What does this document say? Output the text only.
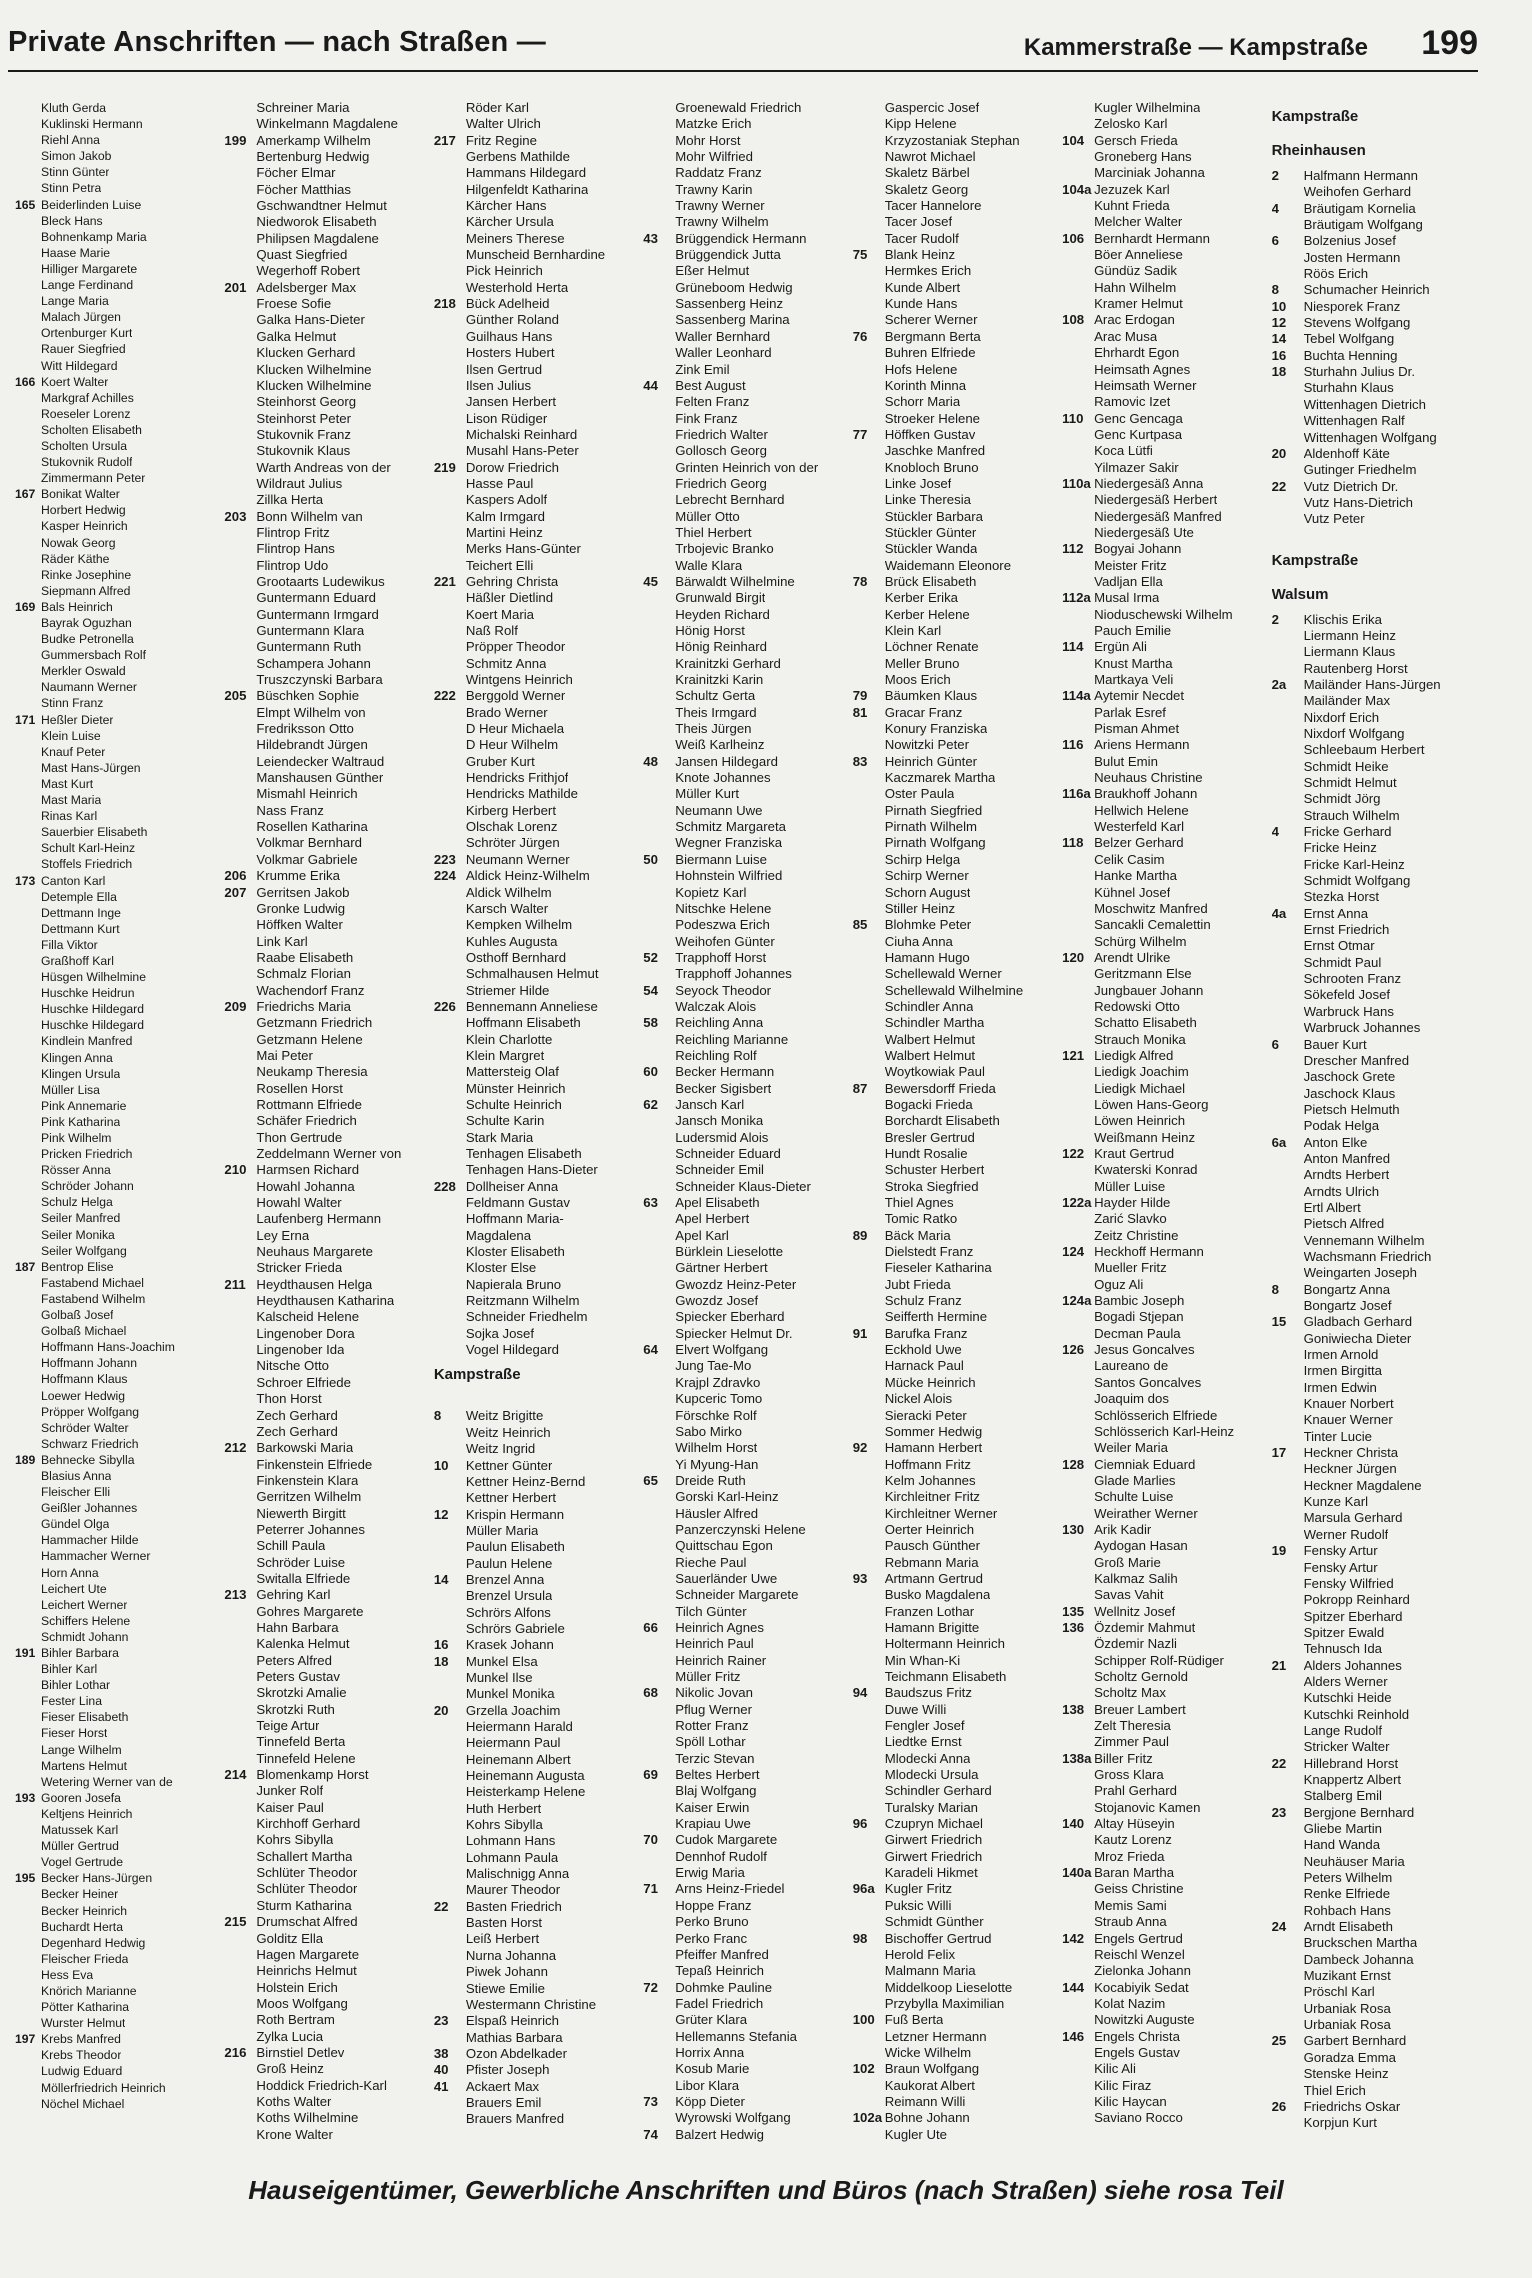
Private Anschriften — nach Straßen —	Kammerstraße — Kampstraße 199
Kluth Gerda
Kuklinski Hermann
Riehl Anna
Simon Jakob
Stinn Günter
Stinn Petra
165 Beiderlinden Luise
Bleck Hans
Bohnenkamp Maria
Haase Marie
Hilliger Margarete
Lange Ferdinand
Lange Maria
Malach Jürgen
Ortenburger Kurt
Rauer Siegfried
Witt Hildegard
166 Koert Walter
Markgraf Achilles
Roeseler Lorenz
Scholten Elisabeth
Scholten Ursula
Stukovnik Rudolf
Zimmermann Peter
167 Bonikat Walter
Horbert Hedwig
Kasper Heinrich
Nowak Georg
Räder Käthe
Rinke Josephine
Siepmann Alfred
169 Bals Heinrich
Bayrak Oguzhan
Budke Petronella
Gummersbach Rolf
Merkler Oswald
Naumann Werner
Stinn Franz
171 Heßler Dieter
Klein Luise
Knauf Peter
Mast Hans-Jürgen
Mast Kurt
Mast Maria
Rinas Karl
Sauerbier Elisabeth
Schult Karl-Heinz
Stoffels Friedrich
173 Canton Karl
Detemple Ella
Dettmann Inge
Dettmann Kurt
Filla Viktor
Graßhoff Karl
Hüsgen Wilhelmine
Huschke Heidrun
Huschke Hildegard
Huschke Hildegard
Kindlein Manfred
Klingen Anna
Klingen Ursula
Müller Lisa
Pink Annemarie
Pink Katharina
Pink Wilhelm
Pricken Friedrich
Rösser Anna
Schröder Johann
Schulz Helga
Seiler Manfred
Seiler Monika
Seiler Wolfgang
187 Bentrop Elise
Fastabend Michael
Fastabend Wilhelm
Golbaß Josef
Golbaß Michael
Hoffmann Hans-Joachim
Hoffmann Johann
Hoffmann Klaus
Loewer Hedwig
Pröpper Wolfgang
Schröder Walter
Schwarz Friedrich
189 Behnecke Sibylla
Blasius Anna
Fleischer Elli
Geißler Johannes
Gündel Olga
Hammacher Hilde
Hammacher Werner
Horn Anna
Leichert Ute
Leichert Werner
Schiffers Helene
Schmidt Johann
191 Bihler Barbara
Bihler Karl
Bihler Lothar
Fester Lina
Fieser Elisabeth
Fieser Horst
Lange Wilhelm
Martens Helmut
Wetering Werner van de
193 Gooren Josefa
Keltjens Heinrich
Matussek Karl
Müller Gertrud
Vogel Gertrude
195 Becker Hans-Jürgen
Becker Heiner
Becker Heinrich
Buchardt Herta
Degenhard Hedwig
Fleischer Frieda
Hess Eva
Knörich Marianne
Pötter Katharina
Wurster Helmut
197 Krebs Manfred
Krebs Theodor
Ludwig Eduard
Möllerfriedrich Heinrich
Nöchel Michael
Schreiner Maria
Winkelmann Magdalene
199 Amerkamp Wilhelm
Bertenburg Hedwig
Föcher Elmar
Föcher Matthias
Gschwandtner Helmut
Niedworok Elisabeth
Philipsen Magdalene
Quast Siegfried
Wegerhoff Robert
201 Adelsberger Max
Froese Sofie
Galka Hans-Dieter
Galka Helmut
Klucken Gerhard
Klucken Wilhelmine
Klucken Wilhelmine
Steinhorst Georg
Steinhorst Peter
Stukovnik Franz
Stukovnik Klaus
Warth Andreas von der
Wildraut Julius
Zillka Herta
203 Bonn Wilhelm van
Flintrop Fritz
Flintrop Hans
Flintrop Udo
Grootaarts Ludewikus
Guntermann Eduard
Guntermann Irmgard
Guntermann Klara
Guntermann Ruth
Schampera Johann
Truszczynski Barbara
205 Büschken Sophie
Elmpt Wilhelm von
Fredriksson Otto
Hildebrandt Jürgen
Leiendecker Waltraud
Manshausen Günther
Mismahl Heinrich
Nass Franz
Rosellen Katharina
Volkmar Bernhard
Volkmar Gabriele
206 Krumme Erika
207 Gerritsen Jakob
Gronke Ludwig
Höffken Walter
Link Karl
Raabe Elisabeth
Schmalz Florian
Wachendorf Franz
209 Friedrichs Maria
Getzmann Friedrich
Getzmann Helene
Mai Peter
Neukamp Theresia
Rosellen Horst
Rottmann Elfriede
Schäfer Friedrich
Thon Gertrude
Zeddelmann Werner von
210 Harmsen Richard
Howahl Johanna
Howahl Walter
Laufenberg Hermann
Ley Erna
Neuhaus Margarete
Stricker Frieda
211 Heydthausen Helga
Heydthausen Katharina
Kalscheid Helene
Lingenober Dora
Lingenober Ida
Nitsche Otto
Schroer Elfriede
Thon Horst
Zech Gerhard
Zech Gerhard
212 Barkowski Maria
Finkenstein Elfriede
Finkenstein Klara
Gerritzen Wilhelm
Niewerth Birgitt
Peterrer Johannes
Schill Paula
Schröder Luise
Switalla Elfriede
213 Gehring Karl
Gohres Margarete
Hahn Barbara
Kalenka Helmut
Peters Alfred
Peters Gustav
Skrotzki Amalie
Skrotzki Ruth
Teige Artur
Tinnefeld Berta
Tinnefeld Helene
214 Blomenkamp Horst
Junker Rolf
Kaiser Paul
Kirchhoff Gerhard
Kohrs Sibylla
Schallert Martha
Schlüter Theodor
Schlüter Theodor
Sturm Katharina
215 Drumschat Alfred
Golditz Ella
Hagen Margarete
Heinrichs Helmut
Holstein Erich
Moos Wolfgang
Roth Bertram
Zylka Lucia
216 Birnstiel Detlev
Groß Heinz
Hoddick Friedrich-Karl
Koths Walter
Koths Wilhelmine
Krone Walter
Röder Karl
Walter Ulrich
217 Fritz Regine
Gerbens Mathilde
Hammans Hildegard
Hilgenfeldt Katharina
Kärcher Hans
Kärcher Ursula
Meiners Therese
Munscheid Bernhardine
Pick Heinrich
Westerhold Herta
218 Bück Adelheid
Günther Roland
Guilhaus Hans
Hosters Hubert
Ilsen Gertrud
Ilsen Julius
Jansen Herbert
Lison Rüdiger
Michalski Reinhard
Musahl Hans-Peter
219 Dorow Friedrich
Hasse Paul
Kaspers Adolf
Kalm Irmgard
Martini Heinz
Merks Hans-Günter
Teichert Elli
221 Gehring Christa
Häßler Dietlind
Koert Maria
Naß Rolf
Pröpper Theodor
Schmitz Anna
Wintgens Heinrich
222 Berggold Werner
Brado Werner
D Heur Michaela
D Heur Wilhelm
Gruber Kurt
Hendricks Frithjof
Hendricks Mathilde
Kirberg Herbert
Olschak Lorenz
Schröter Jürgen
223 Neumann Werner
224 Aldick Heinz-Wilhelm
Aldick Wilhelm
Karsch Walter
Kempken Wilhelm
Kuhles Augusta
Osthoff Bernhard
Schmalhausen Helmut
Striemer Hilde
226 Bennemann Anneliese
Hoffmann Elisabeth
Klein Charlotte
Klein Margret
Mattersteig Olaf
Münster Heinrich
Schulte Heinrich
Schulte Karin
Stark Maria
Tenhagen Elisabeth
Tenhagen Hans-Dieter
228 Dollheiser Anna
Feldmann Gustav
Hoffmann Maria-
Magdalena
Kloster Elisabeth
Kloster Else
Napierala Bruno
Reitzmann Wilhelm
Schneider Friedhelm
Sojka Josef
Vogel Hildegard
Kampstraße
8	Weitz Brigitte
Weitz Heinrich
Weitz Ingrid
10	Kettner Günter
Kettner Heinz-Bernd
Kettner Herbert
12	Krispin Hermann
Müller Maria
Paulun Elisabeth
Paulun Helene
14	Brenzel Anna
Brenzel Ursula
Schrörs Alfons
Schrörs Gabriele
16	Krasek Johann
18	Munkel Elsa
Munkel Ilse
Munkel Monika
20	Grzella Joachim
Heiermann Harald
Heiermann Paul
Heinemann Albert
Heinemann Augusta
Heisterkamp Helene
Huth Herbert
Kohrs Sibylla
Lohmann Hans
Lohmann Paula
Malischnigg Anna
Maurer Theodor
22	Basten Friedrich
Basten Horst
Leiß Herbert
Nurna Johanna
Piwek Johann
Stiewe Emilie
Westermann Christine
23	Elspaß Heinrich
Mathias Barbara
38	Ozon Abdelkader
40	Pfister Joseph
41	Ackaert Max
Brauers Emil
Brauers Manfred
Groenewald Friedrich
Matzke Erich
Mohr Horst
Mohr Wilfried
Raddatz Franz
Trawny Karin
Trawny Werner
Trawny Wilhelm
43	Brüggendick Hermann
Brüggendick Jutta
Eßer Helmut
Grüneboom Hedwig
Sassenberg Heinz
Sassenberg Marina
Waller Bernhard
Waller Leonhard
Zink Emil
44	Best August
Felten Franz
Fink Franz
Friedrich Walter
Gollosch Georg
Grinten Heinrich von der
Friedrich Georg
Lebrecht Bernhard
Müller Otto
Thiel Herbert
Trbojevic Branko
Walle Klara
45	Bärwaldt Wilhelmine
Grunwald Birgit
Heyden Richard
Hönig Horst
Hönig Reinhard
Krainitzki Gerhard
Krainitzki Karin
Schultz Gerta
Theis Irmgard
Theis Jürgen
Weiß Karlheinz
48	Jansen Hildegard
Knote Johannes
Müller Kurt
Neumann Uwe
Schmitz Margareta
Wegner Franziska
50	Biermann Luise
Hohnstein Wilfried
Kopietz Karl
Nitschke Helene
Podeszwa Erich
Weihofen Günter
52	Trapphoff Horst
Trapphoff Johannes
54	Seyock Theodor
Walczak Alois
58	Reichling Anna
Reichling Marianne
Reichling Rolf
60	Becker Hermann
Becker Sigisbert
62	Jansch Karl
Jansch Monika
Ludersmid Alois
Schneider Eduard
Schneider Emil
Schneider Klaus-Dieter
63	Apel Elisabeth
Apel Herbert
Apel Karl
Bürklein Lieselotte
Gärtner Herbert
Gwozdz Heinz-Peter
Gwozdz Josef
Spiecker Eberhard
Spiecker Helmut Dr.
64	Elvert Wolfgang
Jung Tae-Mo
Krajpl Zdravko
Kupceric Tomo
Förschke Rolf
Sabo Mirko
Wilhelm Horst
Yi Myung-Han
65	Dreide Ruth
Gorski Karl-Heinz
Häusler Alfred
Panzerczynski Helene
Quittschau Egon
Rieche Paul
Sauerländer Uwe
Schneider Margarete
Tilch Günter
66	Heinrich Agnes
Heinrich Paul
Heinrich Rainer
Müller Fritz
68	Nikolic Jovan
Pflug Werner
Rotter Franz
Spöll Lothar
Terzic Stevan
69	Beltes Herbert
Blaj Wolfgang
Kaiser Erwin
Krapiau Uwe
70	Cudok Margarete
Dennhof Rudolf
Erwig Maria
71	Arns Heinz-Friedel
Hoppe Franz
Perko Bruno
Perko Franc
Pfeiffer Manfred
Tepaß Heinrich
72	Dohmke Pauline
Fadel Friedrich
Grüter Klara
Hellemanns Stefania
Horrix Anna
Kosub Marie
Libor Klara
73	Köpp Dieter
Wyrowski Wolfgang
74	Balzert Hedwig
Gaspercic Josef
Kipp Helene
Krzyzostaniak Stephan
Nawrot Michael
Skaletz Bärbel
Skaletz Georg
Tacer Hannelore
Tacer Josef
Tacer Rudolf
75	Blank Heinz
Hermkes Erich
Kunde Albert
Kunde Hans
Scherer Werner
76	Bergmann Berta
Buhren Elfriede
Hofs Helene
Korinth Minna
Schorr Maria
Stroeker Helene
77	Höffken Gustav
Jaschke Manfred
Knobloch Bruno
Linke Josef
Linke Theresia
Stückler Barbara
Stückler Günter
Stückler Wanda
Waidemann Eleonore
78	Brück Elisabeth
Kerber Erika
Kerber Helene
Klein Karl
Löchner Renate
Meller Bruno
Moos Erich
79	Bäumken Klaus
81	Gracar Franz
Konury Franziska
Nowitzki Peter
83	Heinrich Günter
Kaczmarek Martha
Oster Paula
Pirnath Siegfried
Pirnath Wilhelm
Pirnath Wolfgang
Schirp Helga
Schirp Werner
Schorn August
Stiller Heinz
85	Blohmke Peter
Ciuha Anna
Hamann Hugo
Schellewald Werner
Schellewald Wilhelmine
Schindler Anna
Schindler Martha
Walbert Helmut
Walbert Helmut
Woytkowiak Paul
87	Bewersdorff Frieda
Bogacki Frieda
Borchardt Elisabeth
Bresler Gertrud
Hundt Rosalie
Schuster Herbert
Stroka Siegfried
Thiel Agnes
Tomic Ratko
89	Bäck Maria
Dielstedt Franz
Fieseler Katharina
Jubt Frieda
Schulz Franz
Seifferth Hermine
91	Barufka Franz
Eckhold Uwe
Harnack Paul
Mücke Heinrich
Nickel Alois
Sieracki Peter
Sommer Hedwig
92	Hamann Herbert
Hoffmann Fritz
Kelm Johannes
Kirchleitner Fritz
Kirchleitner Werner
Oerter Heinrich
Pausch Günther
Rebmann Maria
93	Artmann Gertrud
Busko Magdalena
Franzen Lothar
Hamann Brigitte
Holtermann Heinrich
Min Whan-Ki
Teichmann Elisabeth
94	Baudszus Fritz
Duwe Willi
Fengler Josef
Liedtke Ernst
Mlodecki Anna
Mlodecki Ursula
Schindler Gerhard
Turalsky Marian
96	Czupryn Michael
Girwert Friedrich
Girwert Friedrich
Karadeli Hikmet
96a Kugler Fritz
Puksic Willi
Schmidt Günther
98	Bischoffer Gertrud
Herold Felix
Malmann Maria
Middelkoop Lieselotte
Przybylla Maximilian
100 Fuß Berta
Letzner Hermann
Wicke Wilhelm
102 Braun Wolfgang
Kaukorat Albert
Reimann Willi
102a Bohne Johann
Kugler Ute
Kugler Wilhelmina
Zelosko Karl
104 Gersch Frieda
Groneberg Hans
Marciniak Johanna
104a Jezuzek Karl
Kuhnt Frieda
Melcher Walter
106 Bernhardt Hermann
Böer Anneliese
Gündüz Sadik
Hahn Wilhelm
Kramer Helmut
108 Arac Erdogan
Arac Musa
Ehrhardt Egon
Heimsath Agnes
Heimsath Werner
Ramovic Izet
110 Genc Gencaga
Genc Kurtpasa
Koca Lütfi
Yilmazer Sakir
110a Niedergesäß Anna
Niedergesäß Herbert
Niedergesäß Manfred
Niedergesäß Ute
112 Bogyai Johann
Meister Fritz
Vadljan Ella
112a Musal Irma
Nioduschewski Wilhelm
Pauch Emilie
114 Ergün Ali
Knust Martha
Martkaya Veli
114a Aytemir Necdet
Parlak Esref
Pisman Ahmet
116 Ariens Hermann
Bulut Emin
Neuhaus Christine
116a Braukhoff Johann
Hellwich Helene
Westerfeld Karl
118 Belzer Gerhard
Celik Casim
Hanke Martha
Kühnel Josef
Moschwitz Manfred
Sancakli Cemalettin
Schürg Wilhelm
120 Arendt Ulrike
Geritzmann Else
Jungbauer Johann
Redowski Otto
Schatto Elisabeth
Strauch Monika
121 Liedigk Alfred
Liedigk Joachim
Liedigk Michael
Löwen Hans-Georg
Löwen Heinrich
Weißmann Heinz
122 Kraut Gertrud
Kwaterski Konrad
Müller Luise
122a Hayder Hilde
Zarić Slavko
Zeitz Christine
124 Heckhoff Hermann
Mueller Fritz
Oguz Ali
124a Bambic Joseph
Bogadi Stjepan
Decman Paula
126 Jesus Goncalves
Laureano de
Santos Goncalves
Joaquim dos
Schlösserich Elfriede
Schlösserich Karl-Heinz
Weiler Maria
128 Ciemniak Eduard
Glade Marlies
Schulte Luise
Weirather Werner
130 Arik Kadir
Aydogan Hasan
Groß Marie
Kalkmaz Salih
Savas Vahit
135 Wellnitz Josef
136 Özdemir Mahmut
Özdemir Nazli
Schipper Rolf-Rüdiger
Scholtz Gernold
Scholtz Max
138 Breuer Lambert
Zelt Theresia
Zimmer Paul
138a Biller Fritz
Gross Klara
Prahl Gerhard
Stojanovic Kamen
140 Altay Hüseyin
Kautz Lorenz
Mroz Frieda
140a Baran Martha
Geiss Christine
Memis Sami
Straub Anna
142 Engels Gertrud
Reischl Wenzel
Zielonka Johann
144 Kocabiyik Sedat
Kolat Nazim
Nowitzki Auguste
146 Engels Christa
Engels Gustav
Kilic Ali
Kilic Firaz
Kilic Haycan
Saviano Rocco
Kampstraße
Rheinhausen
2	Halfmann Hermann
Weihofen Gerhard
4	Bräutigam Kornelia
Bräutigam Wolfgang
6	Bolzenius Josef
Josten Hermann
Röös Erich
8	Schumacher Heinrich
10	Niesporek Franz
12	Stevens Wolfgang
14	Tebel Wolfgang
16	Buchta Henning
18	Sturhahn Julius Dr.
Sturhahn Klaus
Wittenhagen Dietrich
Wittenhagen Ralf
Wittenhagen Wolfgang
20	Aldenhoff Käte
Gutinger Friedhelm
22	Vutz Dietrich Dr.
Vutz Hans-Dietrich
Vutz Peter
Kampstraße
Walsum
2	Klischis Erika
Liermann Heinz
Liermann Klaus
Rautenberg Horst
2a	Mailänder Hans-Jürgen
Mailänder Max
Nixdorf Erich
Nixdorf Wolfgang
Schleebaum Herbert
Schmidt Heike
Schmidt Helmut
Schmidt Jörg
Strauch Wilhelm
4	Fricke Gerhard
Fricke Heinz
Fricke Karl-Heinz
Schmidt Wolfgang
Stezka Horst
4a	Ernst Anna
Ernst Friedrich
Ernst Otmar
Schmidt Paul
Schrooten Franz
Sökefeld Josef
Warbruck Hans
Warbruck Johannes
6	Bauer Kurt
Drescher Manfred
Jaschock Grete
Jaschock Klaus
Pietsch Helmuth
Podak Helga
6a	Anton Elke
Anton Manfred
Arndts Herbert
Arndts Ulrich
Ertl Albert
Pietsch Alfred
Vennemann Wilhelm
Wachsmann Friedrich
Weingarten Joseph
8	Bongartz Anna
Bongartz Josef
15	Gladbach Gerhard
Goniwiecha Dieter
Irmen Arnold
Irmen Birgitta
Irmen Edwin
Knauer Norbert
Knauer Werner
Tinter Lucie
17	Heckner Christa
Heckner Jürgen
Heckner Magdalene
Kunze Karl
Marsula Gerhard
Werner Rudolf
19	Fensky Artur
Fensky Artur
Fensky Wilfried
Pokropp Reinhard
Spitzer Eberhard
Spitzer Ewald
Tehnusch Ida
21	Alders Johannes
Alders Werner
Kutschki Heide
Kutschki Reinhold
Lange Rudolf
Stricker Walter
22	Hillebrand Horst
Knappertz Albert
Stalberg Emil
23	Bergjone Bernhard
Gliebe Martin
Hand Wanda
Neuhäuser Maria
Peters Wilhelm
Renke Elfriede
Rohbach Hans
24	Arndt Elisabeth
Bruckschen Martha
Dambeck Johanna
Muzikant Ernst
Pröschl Karl
Urbaniak Rosa
Urbaniak Rosa
25	Garbert Bernhard
Goradza Emma
Stenske Heinz
Thiel Erich
26	Friedrichs Oskar
Korpjun Kurt
Hauseigentümer, Gewerbliche Anschriften und Büros (nach Straßen) siehe rosa Teil
